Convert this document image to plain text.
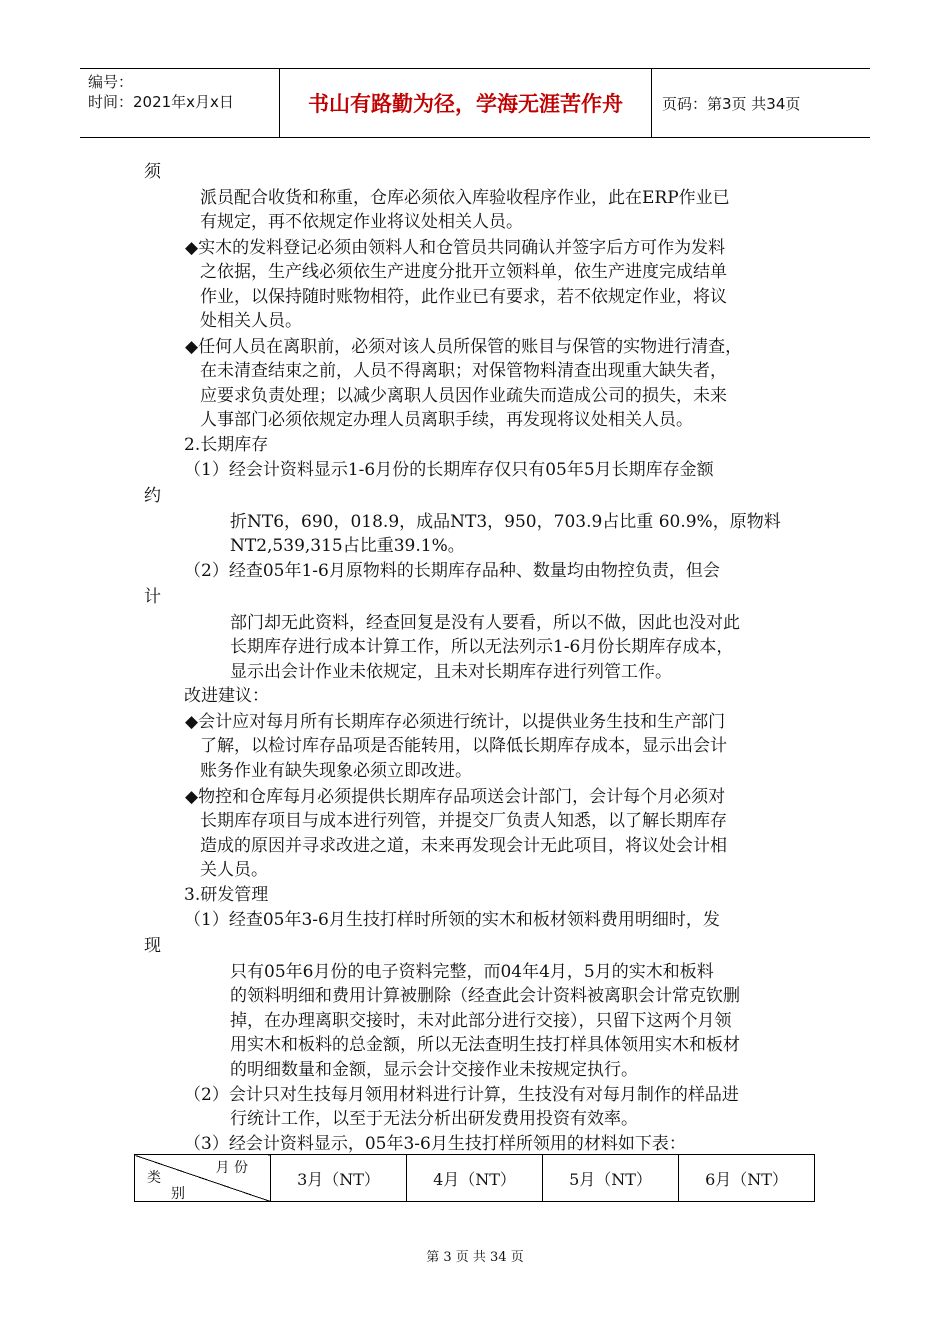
编号：
时间：2021年x月x日	书山有路勤为径，学海无涯苦作舟	页码：第3页 共34页
须
派员配合收货和称重，仓库必须依入库验收程序作业，此在ERP作业已
有规定，再不依规定作业将议处相关人员。
◆实木的发料登记必须由领料人和仓管员共同确认并签字后方可作为发料
之依据，生产线必须依生产进度分批开立领料单，依生产进度完成结单
作业，以保持随时账物相符，此作业已有要求，若不依规定作业，将议
处相关人员。
◆任何人员在离职前，必须对该人员所保管的账目与保管的实物进行清查，
在未清查结束之前，人员不得离职；对保管物料清查出现重大缺失者，
应要求负责处理；以减少离职人员因作业疏失而造成公司的损失，未来
人事部门必须依规定办理人员离职手续，再发现将议处相关人员。
2.长期库存
（1）经会计资料显示1-6月份的长期库存仅只有05年5月长期库存金额
约
折NT6，690，018.9，成品NT3，950，703.9占比重 60.9%，原物料
NT2,539,315占比重39.1%。
（2）经查05年1-6月原物料的长期库存品种、数量均由物控负责，但会
计
部门却无此资料，经查回复是没有人要看，所以不做，因此也没对此
长期库存进行成本计算工作，所以无法列示1-6月份长期库存成本，
显示出会计作业未依规定，且未对长期库存进行列管工作。
改进建议：
◆会计应对每月所有长期库存必须进行统计，以提供业务生技和生产部门
了解，以检讨库存品项是否能转用，以降低长期库存成本，显示出会计
账务作业有缺失现象必须立即改进。
◆物控和仓库每月必须提供长期库存品项送会计部门，会计每个月必须对
长期库存项目与成本进行列管，并提交厂负责人知悉，以了解长期库存
造成的原因并寻求改进之道，未来再发现会计无此项目，将议处会计相
关人员。
3.研发管理
（1）经查05年3-6月生技打样时所领的实木和板材领料费用明细时，发
现
只有05年6月份的电子资料完整，而04年4月，5月的实木和板料
的领料明细和费用计算被删除（经查此会计资料被离职会计常克钦删
掉，在办理离职交接时，未对此部分进行交接），只留下这两个月领
用实木和板料的总金额，所以无法查明生技打样具体领用实木和板材
的明细数量和金额，显示会计交接作业未按规定执行。
（2）会计只对生技每月领用材料进行计算，生技没有对每月制作的样品进
行统计工作，以至于无法分析出研发费用投资有效率。
（3）经会计资料显示，05年3-6月生技打样所领用的材料如下表：
月 份
类
别
	3月（NT）	4月（NT）	5月（NT）	6月（NT）
第 3 页 共 34 页
